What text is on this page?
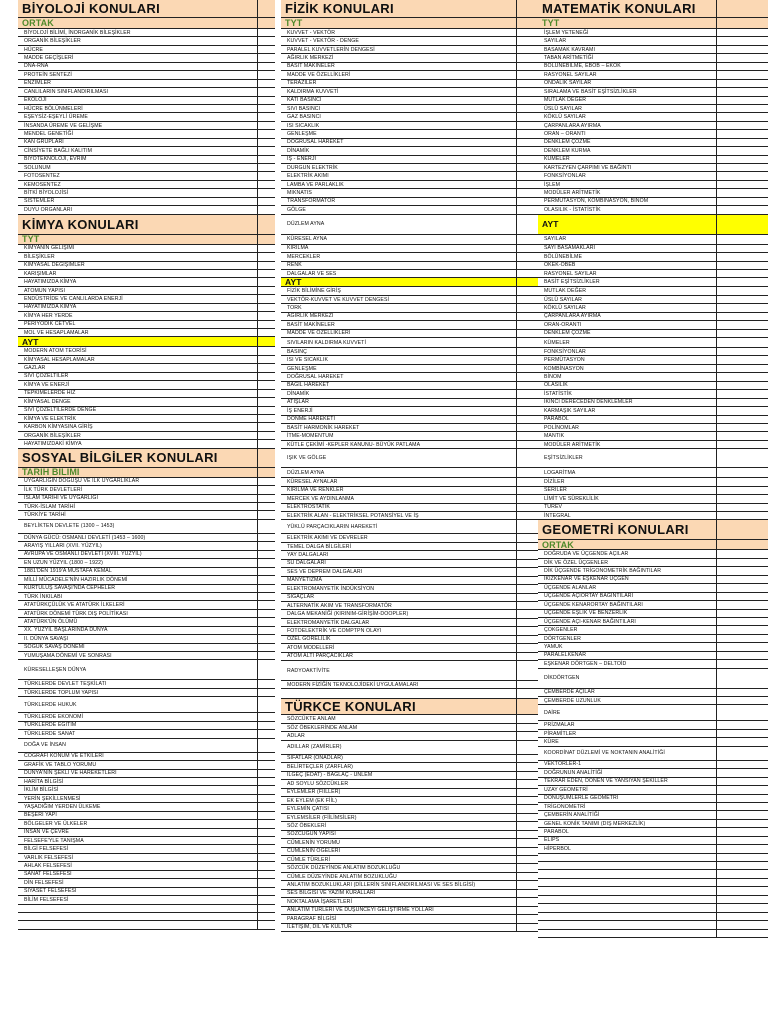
BİYOLOJİ KONULARI
ORTAK
BİYOLOJİ BİLİMİ, İNORGANİK BİLEŞİKLER
ORGANİK BİLEŞİKLER
HÜCRE
MADDE GEÇİŞLERİ
DNA-RNA
PROTEİN SENTEZİ
ENZİMLER
CANLILARIN SINIFLANDIRILMASI
EKOLOJİ
HÜCRE BÖLÜNMELERİ
EŞEYSİZ-EŞEYLİ ÜREME
İNSANDA ÜREME VE GELİŞME
MENDEL GENETİĞİ
KAN GRUPLARI
CİNSİYETE BAĞLI KALITIM
BİYOTEKNOLOJİ, EVRİM
SOLUNUM
FOTOSENTEZ
KEMOSENTEZ
BİTKİ BİYOLOJİSİ
SİSTEMLER
DUYU ORGANLARI
KİMYA KONULARI
TYT
KİMYANIN GELİŞİMİ
BİLEŞİKLER
KİMYASAL DEĞİŞİMLER
KARIŞIMLAR
HAYATIMIZDA KİMYA
ATOMUN YAPISI
ENDÜSTRİDE VE CANLILARDA ENERJİ
HAYATIMIZDA KİMYA
KİMYA HER YERDE
PERİYODİK CETVEL
MOL VE HESAPLAMALAR
AYT
MODERN ATOM TEORİSİ
KİMYASAL HESAPLAMALAR
GAZLAR
SIVI ÇÖZELTİLER
KİMYA VE ENERJİ
TEPKİMELERDE HIZ
KİMYASAL DENGE
SIVI ÇÖZELTİLERDE DENGE
KİMYA VE ELEKTRİK
KARBON KİMYASINA GİRİŞ
ORGANİK BİLEŞİKLER
HAYATIMIZDAKİ KİMYA
SOSYAL BİLGİLER KONULARI
TARİH BİLİMİ
UYGARLIĞIN DOĞUŞU VE İLK UYGARLIKLAR
İLK TÜRK DEVLETLERİ
İSLAM TARİHİ VE UYGARLIĞI
TÜRK-İSLAM TARİHİ
TÜRKİYE TARİHİ
BEYLİKTEN DEVLETE (1300 – 1453)
DÜNYA GÜCÜ: OSMANLI DEVLETİ (1453 – 1600)
ARAYIŞ YILLARI (XVII. YÜZYIL)
AVRUPA VE OSMANLI DEVLETİ (XVIII. YÜZYIL)
EN UZUN YÜZYIL (1800 – 1922)
1881'DEN 1919'A MUSTAFA KEMAL
MİLLİ MÜCADELE'NİN HAZIRLIK DÖNEMİ
KURTULUŞ SAVAŞI'NDA CEPHELER
TÜRK İNKILABI
ATATÜRKÇÜLÜK VE ATATÜRK İLKELERİ
ATATÜRK DÖNEMİ TÜRK DIŞ POLİTİKASI
ATATÜRK'ÜN ÖLÜMÜ
XX. YÜZYIL BAŞLARINDA DÜNYA
II. DÜNYA SAVAŞI
SOĞUK SAVAŞ DÖNEMİ
YUMUŞAMA DÖNEMİ VE SONRASI
KÜRESELLEŞEN DÜNYA
TÜRKLERDE DEVLET TEŞKİLATI
TÜRKLERDE TOPLUM YAPISI
TÜRKLERDE HUKUK
TÜRKLERDE EKONOMİ
TÜRKLERDE EĞİTİM
TÜRKLERDE SANAT
DOĞA VE İNSAN
COĞRAFİ KONUM VE ETKİLERİ
GRAFİK VE TABLO YORUMU
DÜNYA'NIN ŞEKLİ VE HAREKETLERİ
HARİTA BİLGİSİ
İKLİM BİLGİSİ
YERİN ŞEKİLLENMESİ
YAŞADIĞIM YERDEN ÜLKEME
BEŞERİ YAPI
BÖLGELER VE ÜLKELER
İNSAN VE ÇEVRE
FELSEFE'YLE TANIŞMA
BİLGİ FELSEFESİ
VARLIK FELSEFESİ
AHLAK FELSEFESİ
SANAT FELSEFESİ
DİN FELSEFESİ
SİYASET FELSEFESİ
BİLİM FELSEFESİ
FİZİK KONULARI
TYT
KUVVET - VEKTÖR
KUVVET - VEKTÖR - DENGE
PARALEL KUVVETLERİN DENGESİ
AĞIRLIK MERKEZİ
BASİT MAKİNELER
MADDE VE ÖZELLİKLERİ
TERAZİLER
KALDIRMA KUVVETİ
KATI BASINCI
SIVI BASINCI
GAZ BASINCI
ISI SICAKLIK
GENLEŞME
DOĞRUSAL HAREKET
DİNAMİK
İŞ - ENERJİ
DURGUN ELEKTRİK
ELEKTRİK AKIMI
LAMBA VE PARLAKLIK
MIKNATIS
TRANSFORMATÖR
GÖLGE
DÜZLEM AYNA
KÜRESEL AYNA
KIRILMA
MERCEKLER
RENK
DALGALAR VE SES
AYT
FİZİK BİLİMİNE GİRİŞ
VEKTÖR-KUVVET VE KUVVET DENGESİ
TORK
AĞIRLIK MERKEZİ
BASİT MAKİNELER
MADDE VE ÖZELLİKLERİ
SIVILARIN KALDIRMA KUVVETİ
BASINÇ
ISI VE SICAKLIK
GENLEŞME
DOĞRUSAL HAREKET
BAĞIL HAREKET
DİNAMİK
ATIŞLAR
İŞ ENERJİ
DÖNME HAREKETİ
BASİT HARMONİK HAREKET
İTME-MOMENTUM
KÜTLE ÇEKİMİ -KEPLER KANUNU- BÜYÜK PATLAMA
IŞIK VE GÖLGE
DÜZLEM AYNA
KÜRESEL AYNALAR
KIRILMA VE RENKLER
MERCEK VE AYDINLANMA
ELEKTROSTATİK
ELEKTRİK ALAN - ELEKTRİKSEL POTANSİYEL VE İŞ
YÜKLÜ PARÇACIKLARIN HAREKETİ
ELEKTRİK AKIMI VE DEVRELER
TEMEL DALGA BİLGİLERİ
YAY DALGALARI
SU DALGALARI
SES VE DEPREM DALGALARI
MANYETİZMA
ELEKTROMANYETİK İNDÜKSİYON
SIĞAÇLAR
ALTERNATİK AKIM VE TRANSFORMATÖR
DALGA MEKANİĞİ (KIRINIM-GİRİŞİM-DOOPLER)
ELEKTROMANYETİK DALGALAR
FOTOELEKTRİK VE COMPTPN OLAYI
ÖZEL GÖRELİLİK
ATOM MODELLERİ
ATOM ALTI PARÇACIKLAR
RADYOAKTİVİTE
MODERN FİZİĞİN TEKNOLOJİDEKİ UYGULAMALARI
TÜRKCE KONULARI
SÖZCÜKTE ANLAM
SÖZ ÖBEKLERİNDE ANLAM
ADLAR
ADILLAR (ZAMİRLER)
SIFATLAR (ÖNADLAR)
BELİRTEÇLER (ZARFLAR)
İLGEÇ (EDAT) - BAĞLAÇ - ÜNLEM
AD SOYLU SÖZCÜKLER
EYLEMLER (FİİLLER)
EK EYLEM (EK FİİL)
EYLEMİN ÇATISI
EYLEMSİLER (FİİLİMSİLER)
SÖZ ÖBEKLERİ
SÖZCÜĞÜN YAPISI
CÜMLENİN YORUMU
CÜMLENİN ÖĞELERİ
CÜMLE TÜRLERİ
SÖZCÜK DÜZEYİNDE ANLATIM BOZUKLUĞU
CÜMLE DÜZEYİNDE ANLATIM BOZUKLUĞU
ANLATIM BOZUKLUKLARI (DİLLERİN SINIFLANDIRILMASI VE SES BİLGİSİ)
SES BİLGİSİ VE YAZIM KURALLARI
NOKTALAMA İŞARETLERİ
ANLATIM TÜRLERİ VE DÜŞÜNCEYİ GELİŞTİRME YOLLARI
PARAGRAF BİLGİSİ
İLETİŞİM, DİL VE KÜLTÜR
MATEMATİK KONULARI
TYT
İŞLEM YETENEĞİ
SAYILAR
BASAMAK KAVRAMI
TABAN ARİTMETİĞİ
BÖLÜNEBİLME, EBOB – EKOK
RASYONEL SAYILAR
ONDALIK SAYILAR
SIRALAMA VE BASİT EŞİTSİZLİKLER
MUTLAK DEĞER
ÜSLÜ SAYILAR
KÖKLÜ SAYILAR
ÇARPANLARA AYIRMA
ORAN – ORANTI
DENKLEM ÇÖZME
DENKLEM KURMA
KÜMELER
KARTEZYEN ÇARPIMI VE BAĞINTI
FONKSİYONLAR
İŞLEM
MODÜLER ARİTMETİK
PERMÜTASYON, KOMBİNASYON, BİNOM
OLASILIK - İSTATİSTİK
AYT
SAYILAR
SAYI BASAMAKLARI
BÖLÜNEBİLME
OKEK-OBEB
RASYONEL SAYILAR
BASİT EŞİTSİZLİKLER
MUTLAK DEĞER
ÜSLÜ SAYILAR
KÖKLÜ SAYILAR
ÇARPANLARA AYIRMA
ORAN-ORANTI
DENKLEM ÇÖZME
KÜMELER
FONKSİYONLAR
PERMÜTASYON
KOMBİNASYON
BİNOM
OLASILIK
İSTATİSTİK
İKİNCİ DERECEDEN DENKLEMLER
KARMAŞIK SAYILAR
PARABOL
POLİNOMLAR
MANTIK
MODÜLER ARİTMETİK
EŞİTSİZLİKLER
LOGARİTMA
DİZİLER
SERİLER
LİMİT VE SÜREKLİLİK
TÜREV
İNTEGRAL
GEOMETRİ KONULARI
ORTAK
DOĞRUDA VE ÜÇGENDE AÇILAR
DİK VE ÖZEL ÜÇGENLER
DİK ÜÇGENDE TRİGONOMETRİK BAĞINTILAR
İKİZKENAR VE EŞKENAR ÜÇGEN
ÜÇGENDE ALANLAR
ÜÇGENDE AÇIORTAY BAĞINTILARI
ÜÇGENDE KENARORTAY BAĞINTILARI
ÜÇGENDE EŞLİK VE BENZERLİK
ÜÇGENDE AÇI-KENAR BAĞINTILARI
ÇOKGENLER
DÖRTGENLER
YAMUK
PARALELKENAR
EŞKENAR DÖRTGEN – DELTOİD
DİKDÖRTGEN
ÇEMBERDE AÇILAR
ÇEMBERDE UZUNLUK
DAİRE
PRİZMALAR
PİRAMİTLER
KÜRE
KOORDİNAT DÜZLEMİ VE NOKTANIN ANALİTİĞİ
VEKTÖRLER-1
DOĞRUNUN ANALİTİĞİ
TEKRAR EDEN, DÖNEN VE YANSIYAN ŞEKİLLER
UZAY GEOMETRİ
DÖNÜŞÜMLERLE GEOMETRİ
TRİGONOMETRİ
ÇEMBERİN ANALİTİĞİ
GENEL KONİK TANIMI (DIŞ MERKEZLİK)
PARABOL
ELİPS
HİPERBOL
